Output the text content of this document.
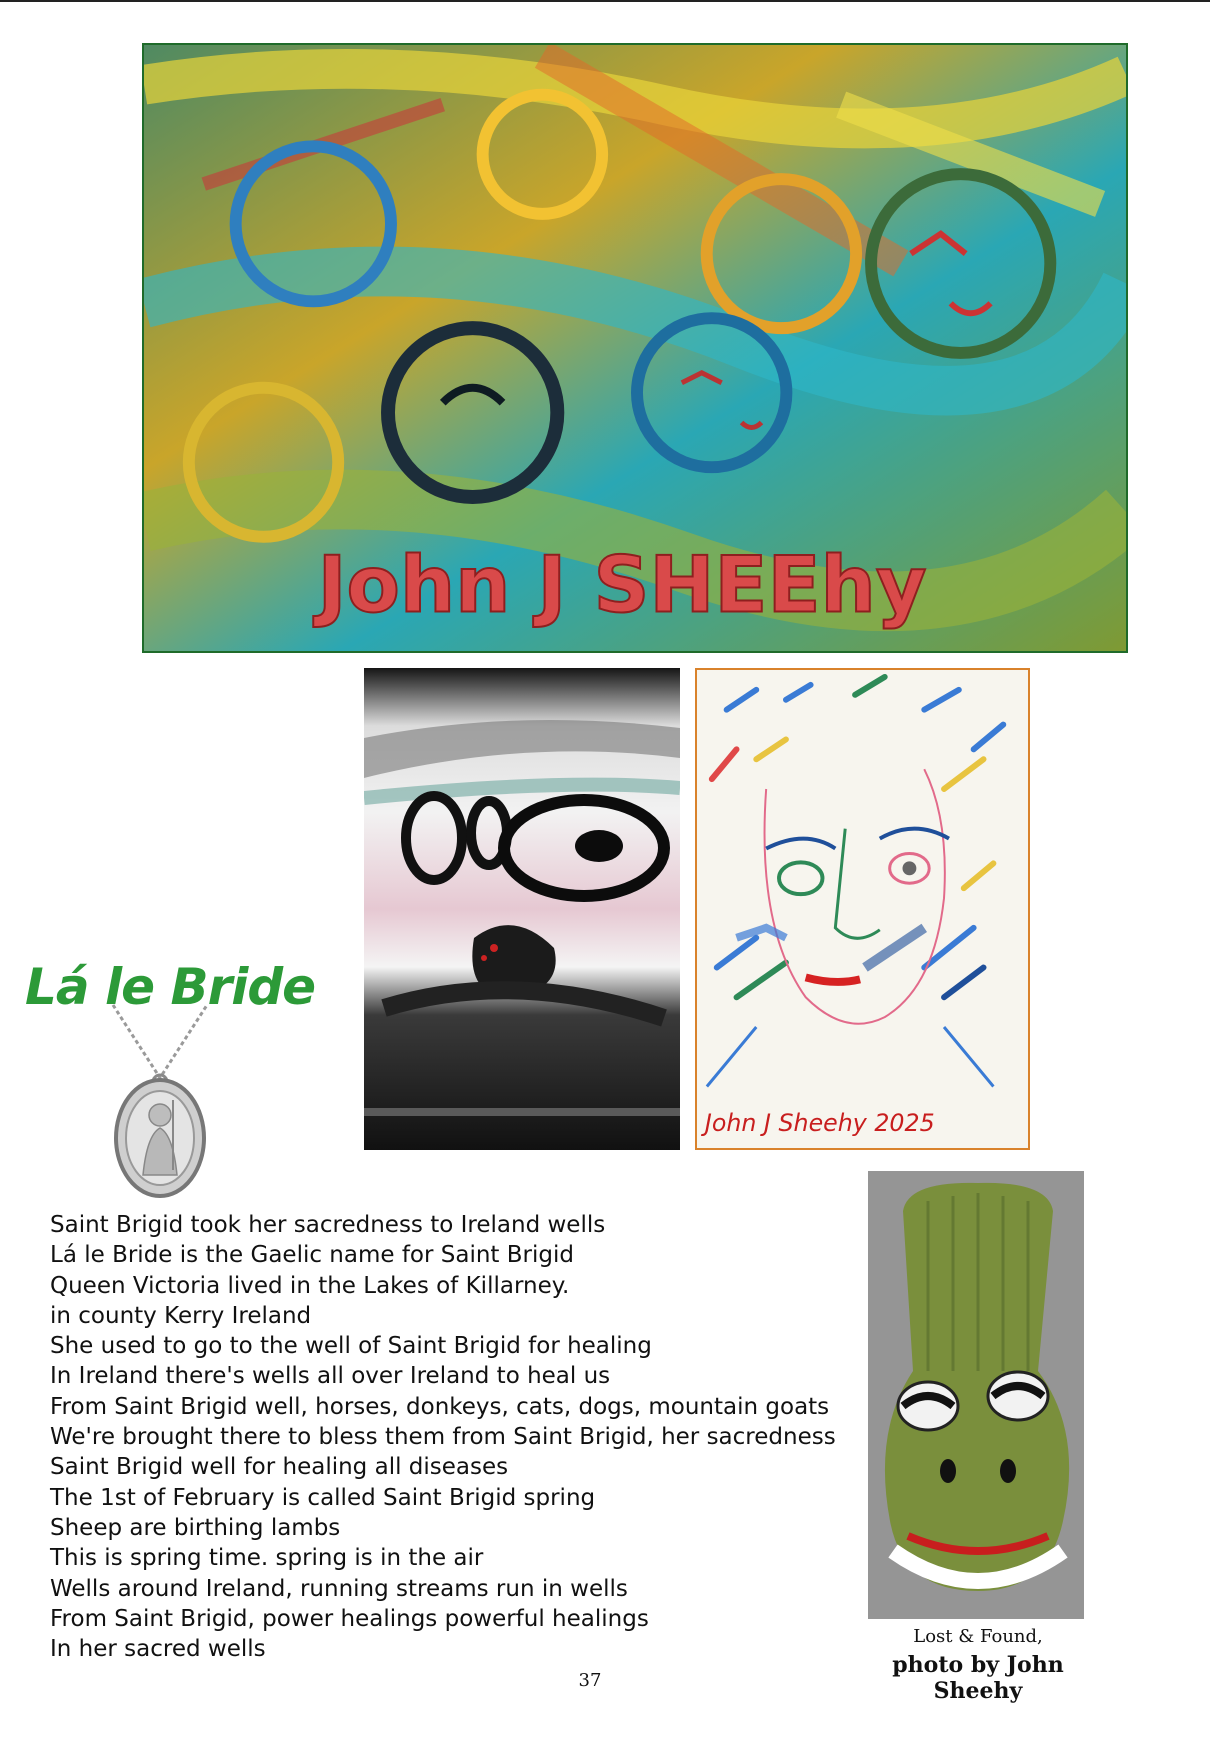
John J SHEEhy
John J Sheehy 2025
Lá le Bride
Saint Brigid took her sacredness to Ireland wells
Lá le Bride is the Gaelic name for Saint Brigid
Queen Victoria lived in the Lakes of Killarney.
in county Kerry Ireland
She used to go to the well of Saint Brigid for healing
In Ireland there's wells all over Ireland to heal us
From Saint Brigid well, horses, donkeys, cats, dogs, mountain goats
We're brought there to bless them from Saint Brigid, her sacredness
Saint Brigid well for healing all diseases
The 1st of February is called Saint Brigid spring
Sheep are birthing lambs
This is spring time. spring is in the air
Wells around Ireland, running streams run in wells
From Saint Brigid, power healings powerful healings
In her sacred wells	Lost & Found,
photo by John Sheehy
37
